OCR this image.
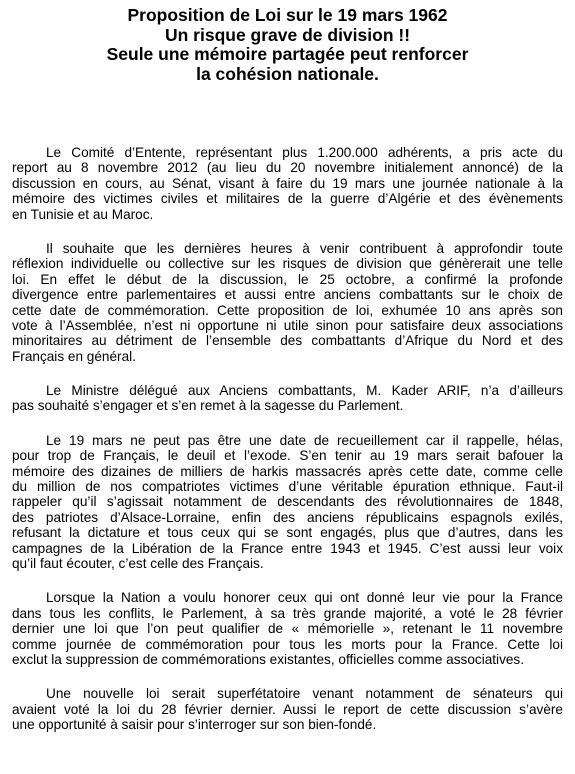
Proposition de Loi sur le 19 mars 1962
Un risque grave de division !!
Seule une mémoire partagée peut renforcer
la cohésion nationale.
Le Comité d’Entente, représentant plus 1.200.000 adhérents, a pris acte du
report au 8 novembre 2012 (au lieu du 20 novembre initialement annoncé) de la
discussion en cours, au Sénat, visant à faire du 19 mars une journée nationale à la
mémoire des victimes civiles et militaires de la guerre d’Algérie et des évènements
en Tunisie et au Maroc.
Il souhaite que les dernières heures à venir contribuent à approfondir toute
réflexion individuelle ou collective sur les risques de division que génèrerait une telle
loi. En effet le début de la discussion, le 25 octobre, a confirmé la profonde
divergence entre parlementaires et aussi entre anciens combattants sur le choix de
cette date de commémoration. Cette proposition de loi, exhumée 10 ans après son
vote à l’Assemblée, n’est ni opportune ni utile sinon pour satisfaire deux associations
minoritaires au détriment de l’ensemble des combattants d’Afrique du Nord et des
Français en général.
Le Ministre délégué aux Anciens combattants, M. Kader ARIF, n’a d’ailleurs
pas souhaité s’engager et s’en remet à la sagesse du Parlement.
Le 19 mars ne peut pas être une date de recueillement car il rappelle, hélas,
pour trop de Français, le deuil et l’exode. S’en tenir au 19 mars serait bafouer la
mémoire des dizaines de milliers de harkis massacrés après cette date, comme celle
du million de nos compatriotes victimes d’une véritable épuration ethnique. Faut-il
rappeler qu’il s’agissait notamment de descendants des révolutionnaires de 1848,
des patriotes d’Alsace-Lorraine, enfin des anciens républicains espagnols exilés,
refusant la dictature et tous ceux qui se sont engagés, plus que d’autres, dans les
campagnes de la Libération de la France entre 1943 et 1945. C’est aussi leur voix
qu’il faut écouter, c’est celle des Français.
Lorsque la Nation a voulu honorer ceux qui ont donné leur vie pour la France
dans tous les conflits, le Parlement, à sa très grande majorité, a voté le 28 février
dernier une loi que l’on peut qualifier de « mémorielle », retenant le 11 novembre
comme journée de commémoration pour tous les morts pour la France. Cette loi
exclut la suppression de commémorations existantes, officielles comme associatives.
Une nouvelle loi serait superfétatoire venant notamment de sénateurs qui
avaient voté la loi du 28 février dernier. Aussi le report de cette discussion s’avère
une opportunité à saisir pour s’interroger sur son bien-fondé.
